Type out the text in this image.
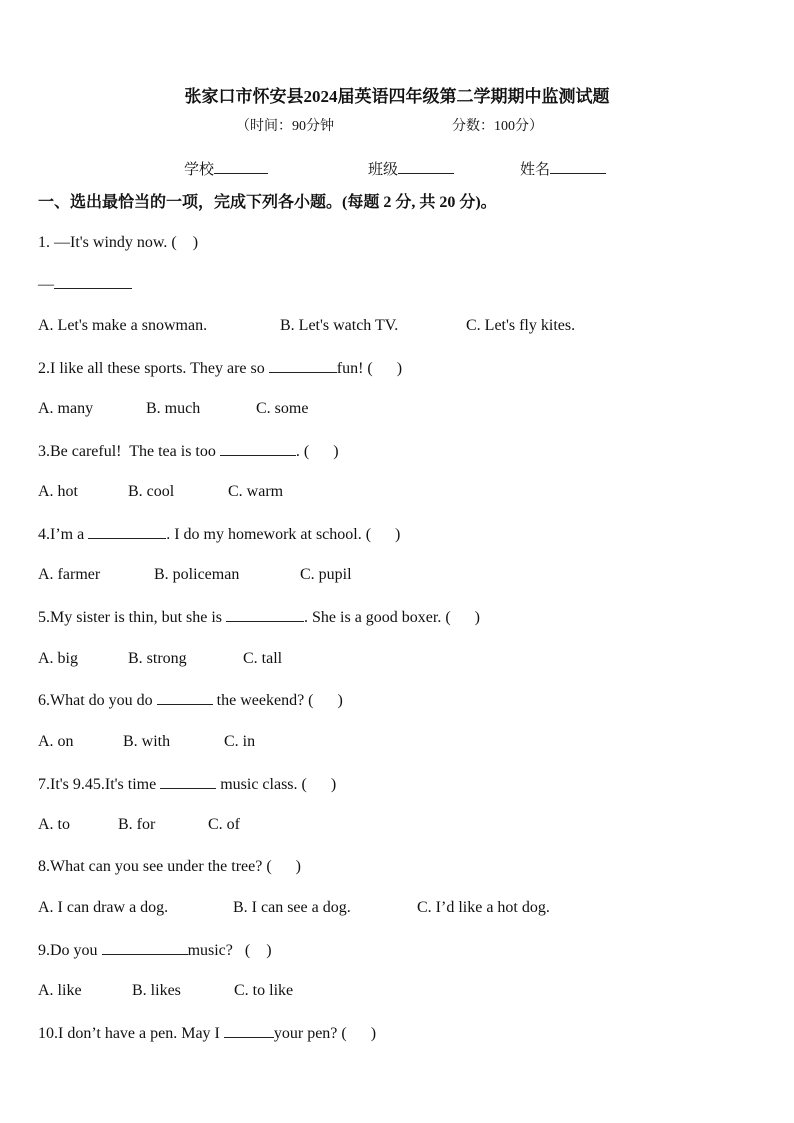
张家口市怀安县2024届英语四年级第二学期期中监测试题
（时间：90分钟	分数：100分）
学校	班级	姓名
一、选出最恰当的一项，完成下列各小题。(每题 2 分, 共 20 分)。
1. —It's windy now. (    )
—
A. Let's make a snowman.	B. Let's watch TV.	C. Let's fly kites.
2.I like all these sports. They are so	fun! (      )
A. many	B. much	C. some
3.Be careful!  The tea is too	. (      )
A. hot	B. cool	C. warm
4.I’m a	. I do my homework at school. (      )
A. farmer	B. policeman	C. pupil
5.My sister is thin, but she is	. She is a good boxer. (      )
A. big	B. strong	C. tall
6.What do you do	the weekend? (      )
A. on	B. with	C. in
7.It's 9.45.It's time	music class. (      )
A. to	B. for	C. of
8.What can you see under the tree? (      )
A. I can draw a dog.	B. I can see a dog.	C. I’d like a hot dog.
9.Do you	music?   (    )
A. like	B. likes	C. to like
10.I don’t have a pen. May I	your pen? (      )
